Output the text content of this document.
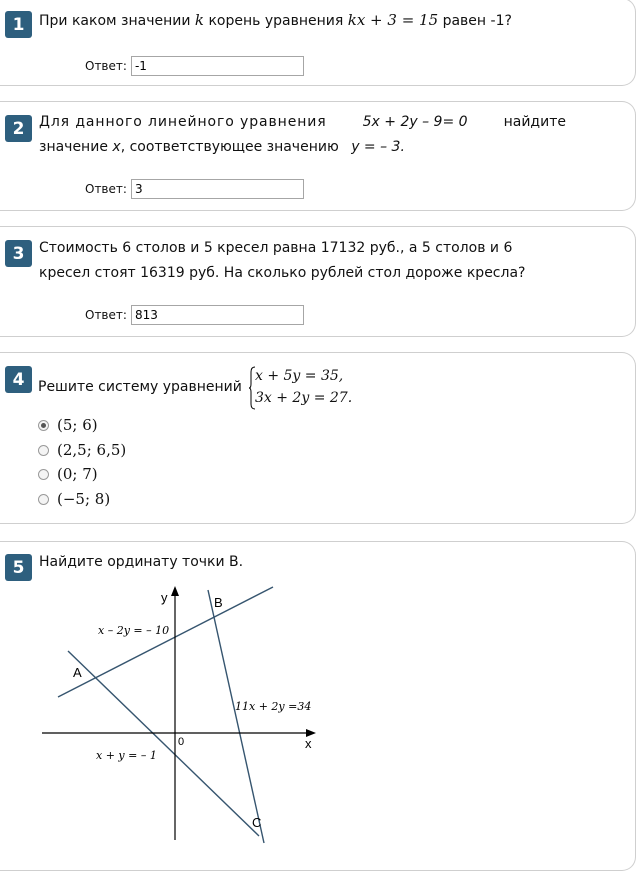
1	При каком значении k корень уравнения kx + 3 = 15 равен -1?
Ответ:
-1
2	Для данного линейного уравнения	5x + 2y – 9= 0	найдите
значение x, соответствующее значению y = – 3.
Ответ:
3
3	Стоимость 6 столов и 5 кресел равна 17132 руб., а 5 столов и 6
кресел стоят 16319 руб. На сколько рублей стол дороже кресла?
Ответ:
813
4 Решите систему уравнений
x + 5y = 35,
3x + 2y = 27.
(5; 6)
(2,5; 6,5)
(0; 7)
(−5; 8)
5	Найдите ординату точки B.
x
y
0
A
B
C
x – 2y = – 10
11x + 2y =34
x + y = – 1
